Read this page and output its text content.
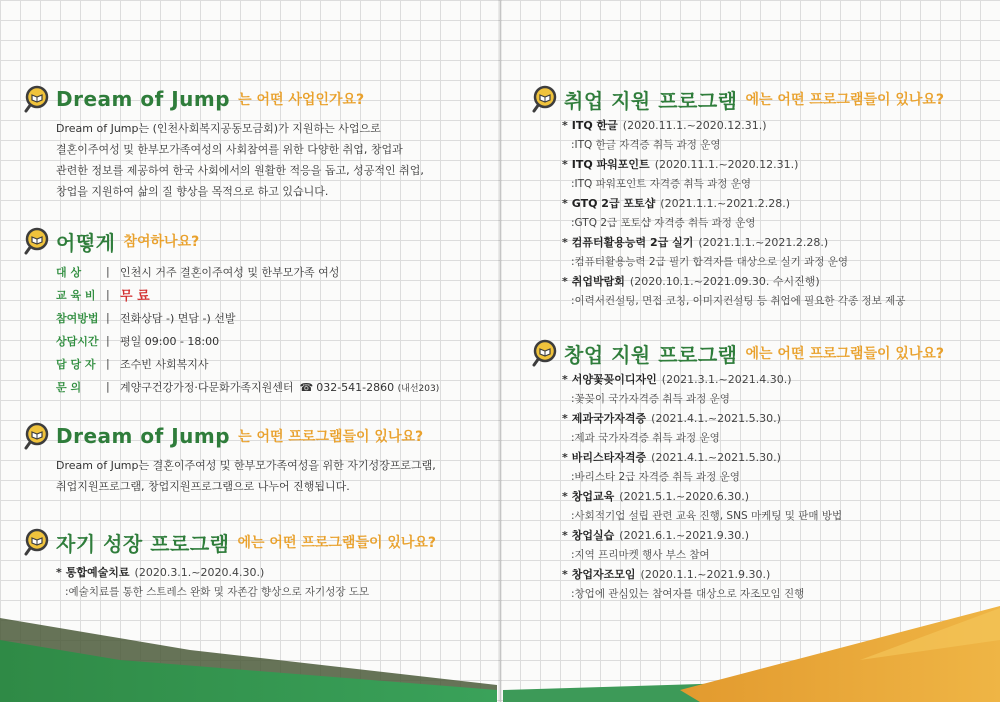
Dream of Jump 는 어떤 사업인가요?
Dream of Jump는 (인천사회복지공동모금회)가 지원하는 사업으로
결혼이주여성 및 한부모가족여성의 사회참여를 위한 다양한 취업, 창업과
관련한 정보를 제공하여 한국 사회에서의 원활한 적응을 돕고, 성공적인 취업,
창업을 지원하여 삶의 질 향상을 목적으로 하고 있습니다.
어떻게 참여하나요?
대 상	| 인천시 거주 결혼이주여성 및 한부모가족 여성
교 육 비 | 무 료
참여방법 | 전화상담 -) 면담 -) 선발
상담시간 | 평일 09:00 - 18:00
담 당 자 | 조수빈 사회복지사
문 의	| 계양구건강가정·다문화가족지원센터 ☎ 032-541-2860 (내선203)
Dream of Jump 는 어떤 프로그램들이 있나요?
Dream of Jump는 결혼이주여성 및 한부모가족여성을 위한 자기성장프로그램,
취업지원프로그램, 창업지원프로그램으로 나누어 진행됩니다.
자기 성장 프로그램 에는 어떤 프로그램들이 있나요?
* 통합예술치료 (2020.3.1.~2020.4.30.)
:예술치료를 통한 스트레스 완화 및 자존감 향상으로 자기성장 도모
취업 지원 프로그램 에는 어떤 프로그램들이 있나요?
* ITQ 한글 (2020.11.1.~2020.12.31.)
:ITQ 한글 자격증 취득 과정 운영
* ITQ 파워포인트 (2020.11.1.~2020.12.31.)
:ITQ 파워포인트 자격증 취득 과정 운영
* GTQ 2급 포토샵 (2021.1.1.~2021.2.28.)
:GTQ 2급 포토샵 자격증 취득 과정 운영
* 컴퓨터활용능력 2급 실기 (2021.1.1.~2021.2.28.)
:컴퓨터활용능력 2급 필기 합격자를 대상으로 실기 과정 운영
* 취업박람회 (2020.10.1.~2021.09.30. 수시진행)
:이력서컨설팅, 면접 코칭, 이미지컨설팅 등 취업에 필요한 각종 정보 제공
창업 지원 프로그램 에는 어떤 프로그램들이 있나요?
* 서양꽃꽂이디자인 (2021.3.1.~2021.4.30.)
:꽃꽂이 국가자격증 취득 과정 운영
* 제과국가자격증 (2021.4.1.~2021.5.30.)
:제과 국가자격증 취득 과정 운영
* 바리스타자격증 (2021.4.1.~2021.5.30.)
:바리스타 2급 자격증 취득 과정 운영
* 창업교육 (2021.5.1.~2020.6.30.)
:사회적기업 설립 관련 교육 진행, SNS 마케팅 및 판매 방법
* 창업실습 (2021.6.1.~2021.9.30.)
:지역 프리마켓 행사 부스 참여
* 창업자조모임 (2020.1.1.~2021.9.30.)
:창업에 관심있는 참여자를 대상으로 자조모임 진행
